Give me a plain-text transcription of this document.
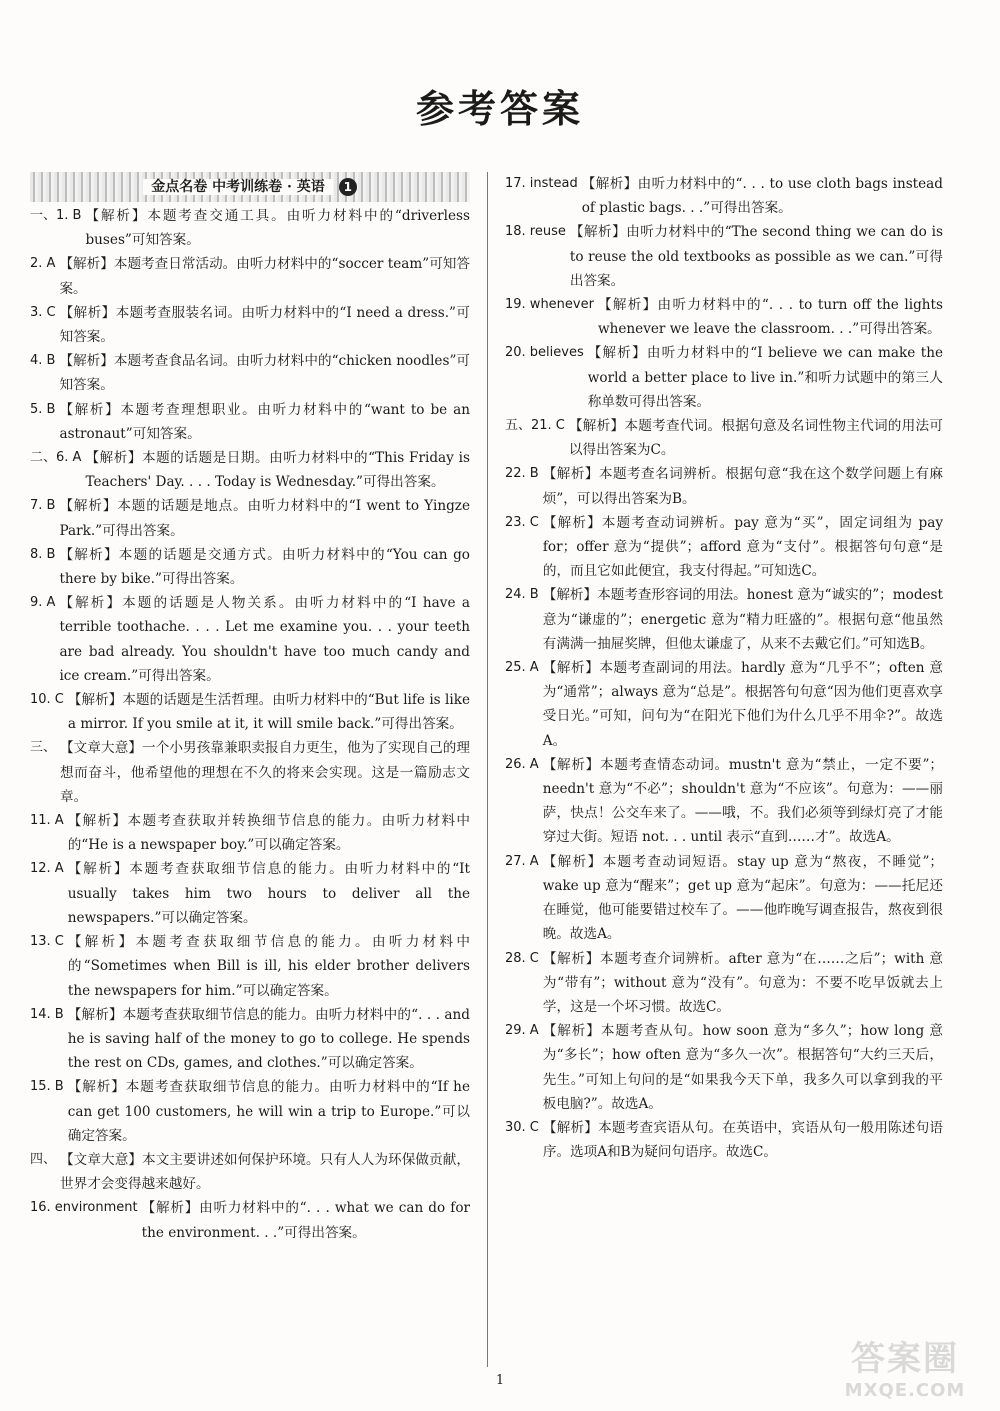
参考答案
金点名卷 中考训练卷 · 英语 1
一、1. B 【解析】本题考查交通工具。由听力材料中的“driverless buses”可知答案。
2. A 【解析】本题考查日常活动。由听力材料中的“soccer team”可知答案。
3. C 【解析】本题考查服装名词。由听力材料中的“I need a dress.”可知答案。
4. B 【解析】本题考查食品名词。由听力材料中的“chicken noodles”可知答案。
5. B 【解析】本题考查理想职业。由听力材料中的“want to be an astronaut”可知答案。
二、6. A 【解析】本题的话题是日期。由听力材料中的“This Friday is Teachers' Day. . . . Today is Wednesday.”可得出答案。
7. B 【解析】本题的话题是地点。由听力材料中的“I went to Yingze Park.”可得出答案。
8. B 【解析】本题的话题是交通方式。由听力材料中的“You can go there by bike.”可得出答案。
9. A 【解析】本题的话题是人物关系。由听力材料中的“I have a terrible toothache. . . . Let me examine you. . . your teeth are bad already. You shouldn't have too much candy and ice cream.”可得出答案。
10. C 【解析】本题的话题是生活哲理。由听力材料中的“But life is like a mirror. If you smile at it, it will smile back.”可得出答案。
三、 【文章大意】一个小男孩靠兼职卖报自力更生，他为了实现自己的理想而奋斗，他希望他的理想在不久的将来会实现。这是一篇励志文章。
11. A 【解析】本题考查获取并转换细节信息的能力。由听力材料中的“He is a newspaper boy.”可以确定答案。
12. A 【解析】本题考查获取细节信息的能力。由听力材料中的“It usually takes him two hours to deliver all the newspapers.”可以确定答案。
13. C 【解析】本题考查获取细节信息的能力。由听力材料中的“Sometimes when Bill is ill, his elder brother delivers the newspapers for him.”可以确定答案。
14. B 【解析】本题考查获取细节信息的能力。由听力材料中的“. . . and he is saving half of the money to go to college. He spends the rest on CDs, games, and clothes.”可以确定答案。
15. B 【解析】本题考查获取细节信息的能力。由听力材料中的“If he can get 100 customers, he will win a trip to Europe.”可以确定答案。
四、 【文章大意】本文主要讲述如何保护环境。只有人人为环保做贡献，世界才会变得越来越好。
16. environment 【解析】由听力材料中的“. . . what we can do for the environment. . .”可得出答案。
17. instead 【解析】由听力材料中的“. . . to use cloth bags instead of plastic bags. . .”可得出答案。
18. reuse 【解析】由听力材料中的“The second thing we can do is to reuse the old textbooks as possible as we can.”可得出答案。
19. whenever 【解析】由听力材料中的“. . . to turn off the lights whenever we leave the classroom. . .”可得出答案。
20. believes 【解析】由听力材料中的“I believe we can make the world a better place to live in.”和听力试题中的第三人称单数可得出答案。
五、21. C 【解析】本题考查代词。根据句意及名词性物主代词的用法可以得出答案为C。
22. B 【解析】本题考查名词辨析。根据句意“我在这个数学问题上有麻烦”，可以得出答案为B。
23. C 【解析】本题考查动词辨析。pay 意为“买”，固定词组为 pay for；offer 意为“提供”；afford 意为“支付”。根据答句句意“是的，而且它如此便宜，我支付得起。”可知选C。
24. B 【解析】本题考查形容词的用法。honest 意为“诚实的”；modest 意为“谦虚的”；energetic 意为“精力旺盛的”。根据句意“他虽然有满满一抽屉奖牌，但他太谦虚了，从来不去戴它们。”可知选B。
25. A 【解析】本题考查副词的用法。hardly 意为“几乎不”；often 意为“通常”；always 意为“总是”。根据答句句意“因为他们更喜欢享受日光。”可知，问句为“在阳光下他们为什么几乎不用伞?”。故选A。
26. A 【解析】本题考查情态动词。mustn't 意为“禁止，一定不要”；needn't 意为“不必”；shouldn't 意为“不应该”。句意为：——丽萨，快点！公交车来了。——哦，不。我们必须等到绿灯亮了才能穿过大街。短语 not. . . until 表示“直到……才”。故选A。
27. A 【解析】本题考查动词短语。stay up 意为“熬夜，不睡觉”；wake up 意为“醒来”；get up 意为“起床”。句意为：——托尼还在睡觉，他可能要错过校车了。——他昨晚写调查报告，熬夜到很晚。故选A。
28. C 【解析】本题考查介词辨析。after 意为“在……之后”；with 意为“带有”；without 意为“没有”。句意为：不要不吃早饭就去上学，这是一个坏习惯。故选C。
29. A 【解析】本题考查从句。how soon 意为“多久”；how long 意为“多长”；how often 意为“多久一次”。根据答句“大约三天后，先生。”可知上句问的是“如果我今天下单，我多久可以拿到我的平板电脑?”。故选A。
30. C 【解析】本题考查宾语从句。在英语中，宾语从句一般用陈述句语序。选项A和B为疑问句语序。故选C。
1
答案圈
MXQE.COM
